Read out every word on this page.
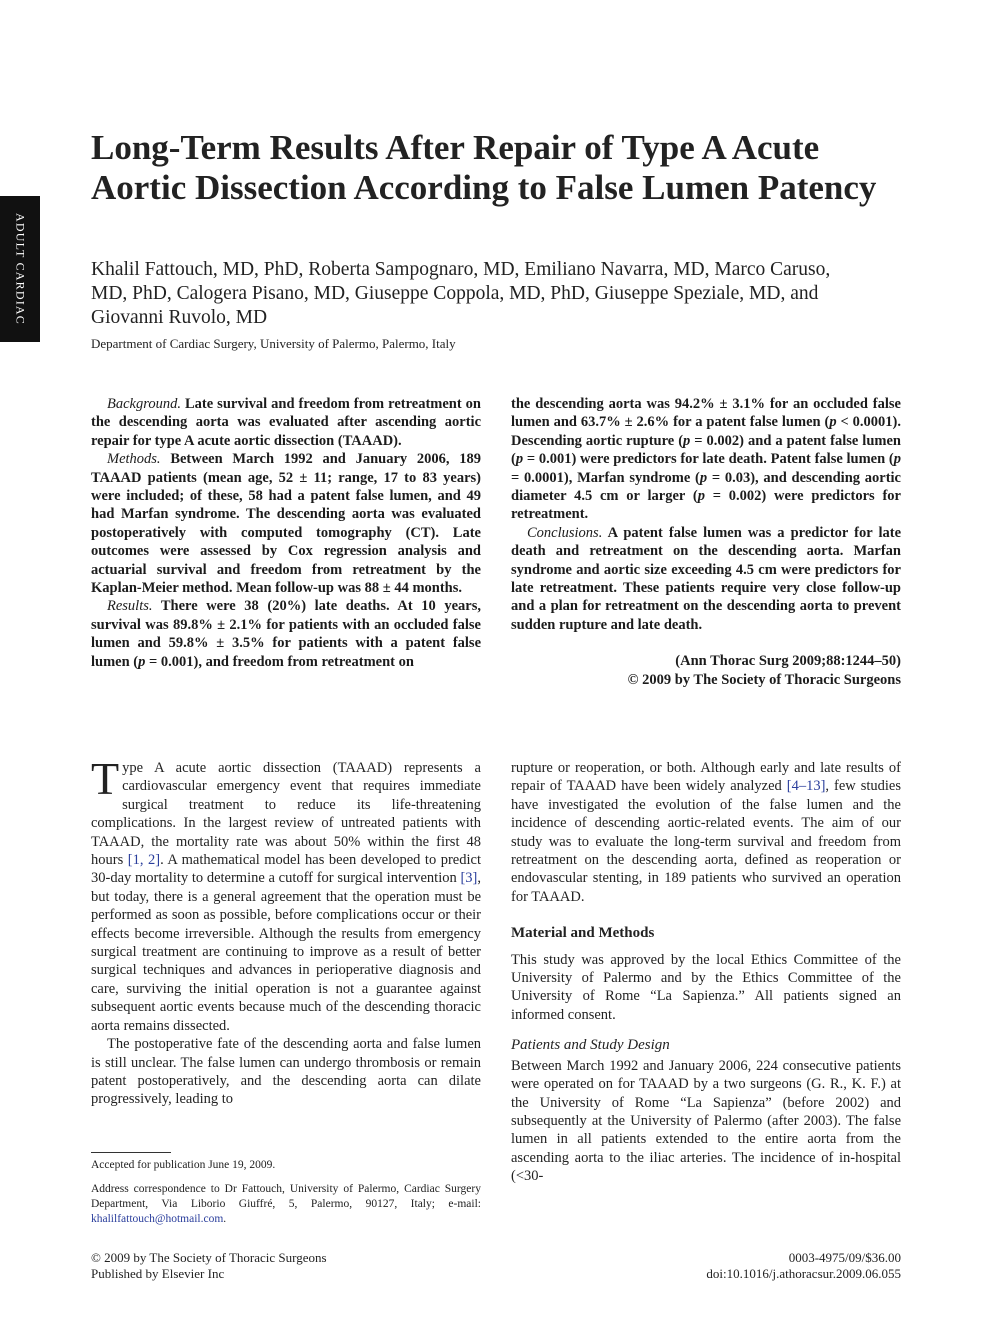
ADULT CARDIAC
Long-Term Results After Repair of Type A Acute Aortic Dissection According to False Lumen Patency

Khalil Fattouch, MD, PhD, Roberta Sampognaro, MD, Emiliano Navarra, MD, Marco Caruso, MD, PhD, Calogera Pisano, MD, Giuseppe Coppola, MD, PhD, Giuseppe Speziale, MD, and Giovanni Ruvolo, MD

Department of Cardiac Surgery, University of Palermo, Palermo, Italy

Background. Late survival and freedom from retreatment on the descending aorta was evaluated after ascending aortic repair for type A acute aortic dissection (TAAAD).

Methods. Between March 1992 and January 2006, 189 TAAAD patients (mean age, 52 ± 11; range, 17 to 83 years) were included; of these, 58 had a patent false lumen, and 49 had Marfan syndrome. The descending aorta was evaluated postoperatively with computed tomography (CT). Late outcomes were assessed by Cox regression analysis and actuarial survival and freedom from retreatment by the Kaplan-Meier method. Mean follow-up was 88 ± 44 months.

Results. There were 38 (20%) late deaths. At 10 years, survival was 89.8% ± 2.1% for patients with an occluded false lumen and 59.8% ± 3.5% for patients with a patent false lumen (p = 0.001), and freedom from retreatment on

the descending aorta was 94.2% ± 3.1% for an occluded false lumen and 63.7% ± 2.6% for a patent false lumen (p < 0.0001). Descending aortic rupture (p = 0.002) and a patent false lumen (p = 0.001) were predictors for late death. Patent false lumen (p = 0.0001), Marfan syndrome (p = 0.03), and descending aortic diameter 4.5 cm or larger (p = 0.002) were predictors for retreatment.

Conclusions. A patent false lumen was a predictor for late death and retreatment on the descending aorta. Marfan syndrome and aortic size exceeding 4.5 cm were predictors for late retreatment. These patients require very close follow-up and a plan for retreatment on the descending aorta to prevent sudden rupture and late death.

(Ann Thorac Surg 2009;88:1244–50)

© 2009 by The Society of Thoracic Surgeons

Type A acute aortic dissection (TAAAD) represents a cardiovascular emergency event that requires immediate surgical treatment to reduce its life-threatening complications. In the largest review of untreated patients with TAAAD, the mortality rate was about 50% within the first 48 hours [1, 2]. A mathematical model has been developed to predict 30-day mortality to determine a cutoff for surgical intervention [3], but today, there is a general agreement that the operation must be performed as soon as possible, before complications occur or their effects become irreversible. Although the results from emergency surgical treatment are continuing to improve as a result of better surgical techniques and advances in perioperative diagnosis and care, surviving the initial operation is not a guarantee against subsequent aortic events because much of the descending thoracic aorta remains dissected.

The postoperative fate of the descending aorta and false lumen is still unclear. The false lumen can undergo thrombosis or remain patent postoperatively, and the descending aorta can dilate progressively, leading to

rupture or reoperation, or both. Although early and late results of repair of TAAAD have been widely analyzed [4–13], few studies have investigated the evolution of the false lumen and the incidence of descending aortic-related events. The aim of our study was to evaluate the long-term survival and freedom from retreatment on the descending aorta, defined as reoperation or endovascular stenting, in 189 patients who survived an operation for TAAAD.

Material and Methods

This study was approved by the local Ethics Committee of the University of Palermo and by the Ethics Committee of the University of Rome “La Sapienza.” All patients signed an informed consent.

Patients and Study Design

Between March 1992 and January 2006, 224 consecutive patients were operated on for TAAAD by a two surgeons (G. R., K. F.) at the University of Rome “La Sapienza” (before 2002) and subsequently at the University of Palermo (after 2003). The false lumen in all patients extended to the entire aorta from the ascending aorta to the iliac arteries. The incidence of in-hospital (<30-

Accepted for publication June 19, 2009.

Address correspondence to Dr Fattouch, University of Palermo, Cardiac Surgery Department, Via Liborio Giuffré, 5, Palermo, 90127, Italy; e-mail: khalilfattouch@hotmail.com.

© 2009 by The Society of Thoracic Surgeons
Published by Elsevier Inc
0003-4975/09/$36.00
doi:10.1016/j.athoracsur.2009.06.055
